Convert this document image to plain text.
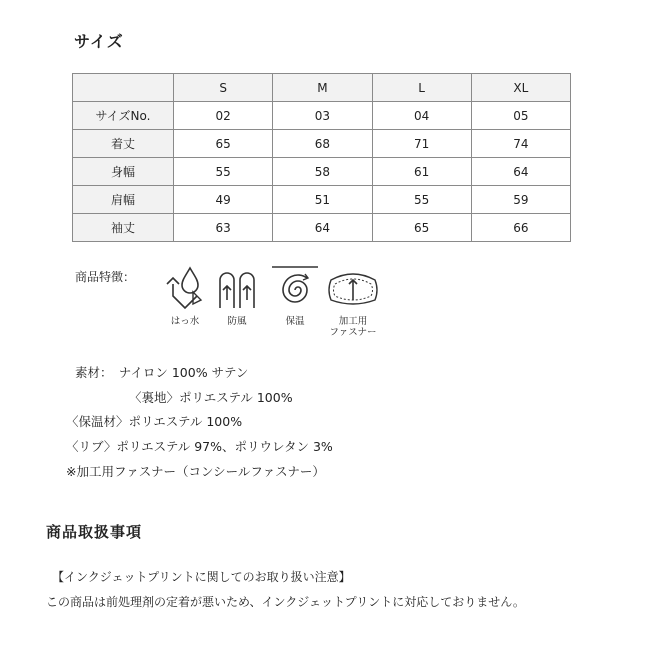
サイズ
	S	M	L	XL
サイズNo.	02	03	04	05
着丈	65	68	71	74
身幅	55	58	61	64
肩幅	49	51	55	59
袖丈	63	64	65	66
商品特徴：
はっ水	防風	保温	加工用
ファスナー
素材：　ナイロン 100% サテン
〈裏地〉ポリエステル 100%
〈保温材〉ポリエステル 100%
〈リブ〉ポリエステル 97%、ポリウレタン 3%
※加工用ファスナー（コンシールファスナー）
商品取扱事項
【インクジェットプリントに関してのお取り扱い注意】
この商品は前処理剤の定着が悪いため、インクジェットプリントに対応しておりません。
